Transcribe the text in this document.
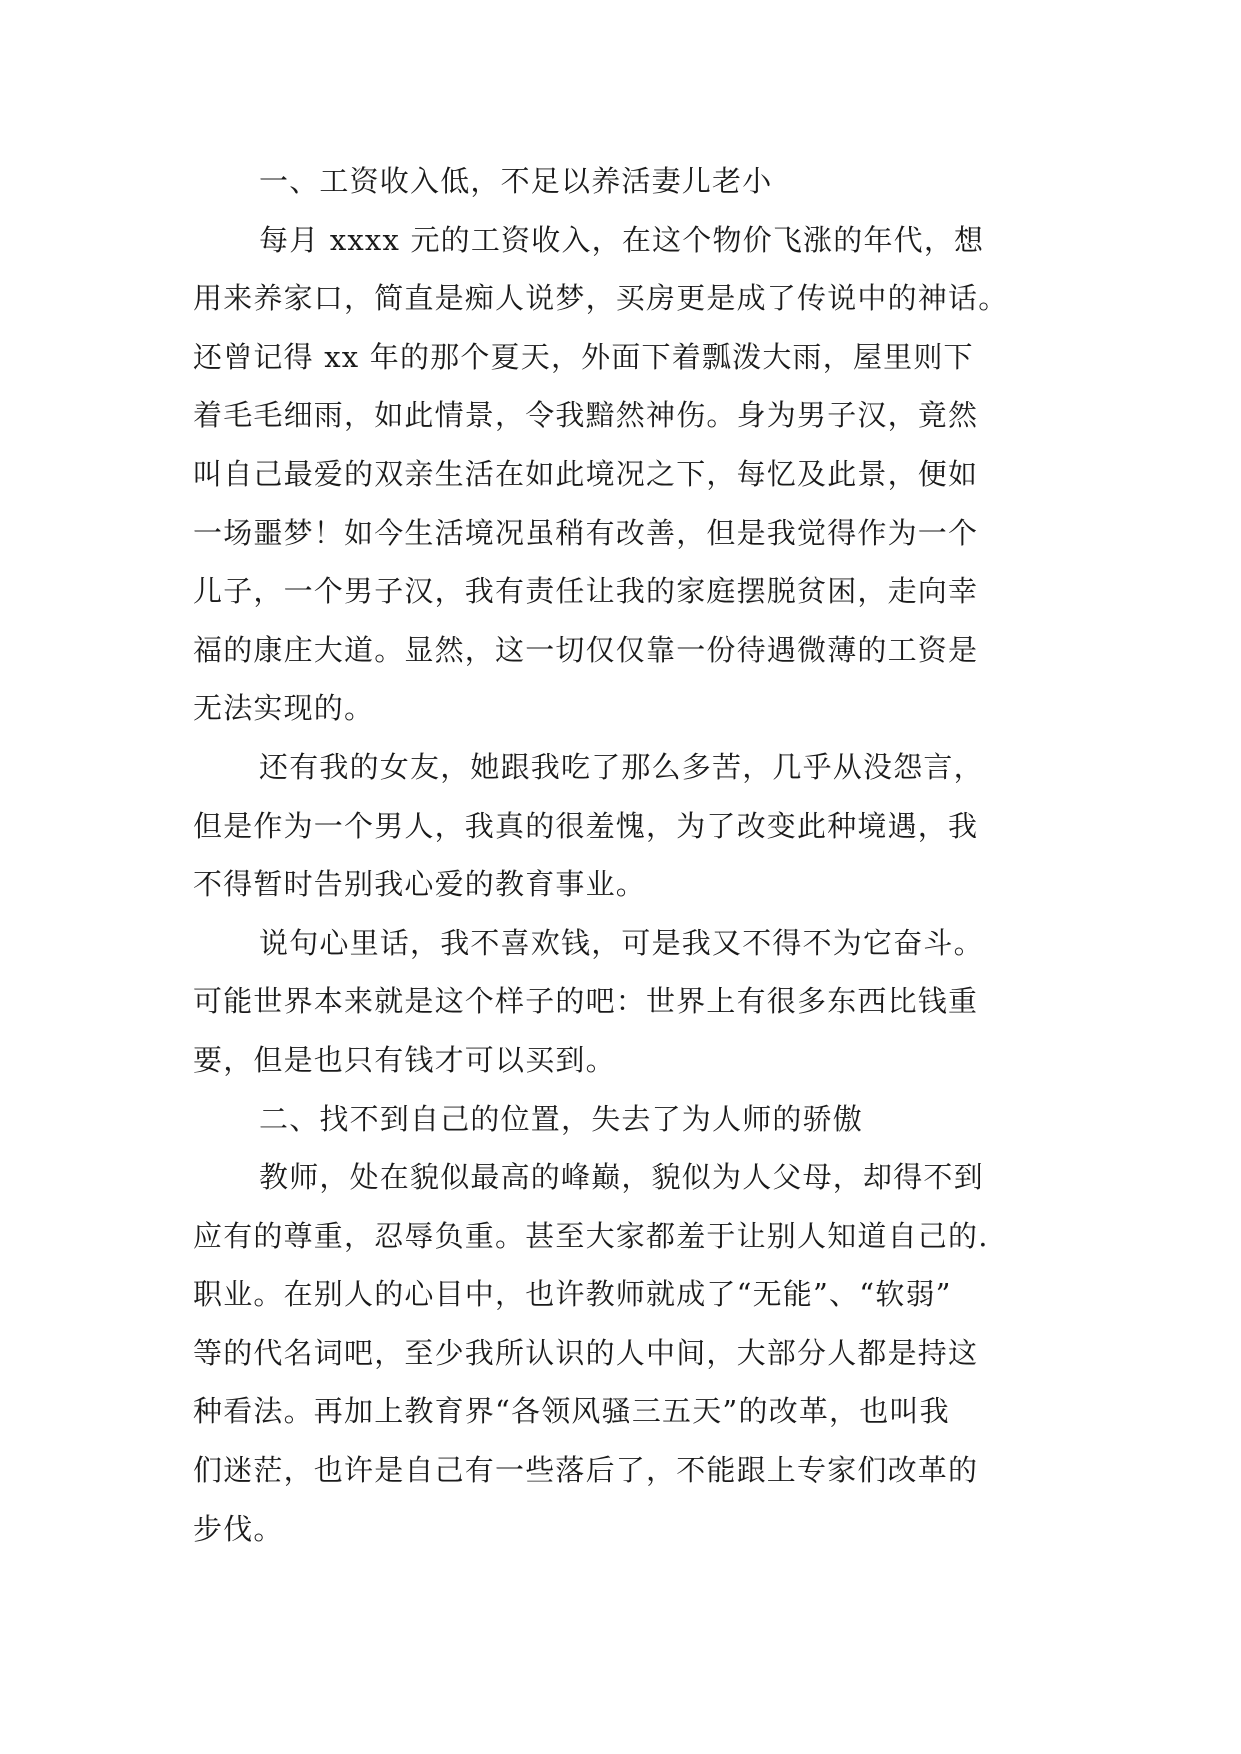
一、工资收入低，不足以养活妻儿老小
每月 xxxx 元的工资收入，在这个物价飞涨的年代，想
用来养家口，简直是痴人说梦，买房更是成了传说中的神话。
还曾记得 xx 年的那个夏天，外面下着瓢泼大雨，屋里则下
着毛毛细雨，如此情景，令我黯然神伤。身为男子汉，竟然
叫自己最爱的双亲生活在如此境况之下，每忆及此景，便如
一场噩梦！如今生活境况虽稍有改善，但是我觉得作为一个
儿子，一个男子汉，我有责任让我的家庭摆脱贫困，走向幸
福的康庄大道。显然，这一切仅仅靠一份待遇微薄的工资是
无法实现的。
还有我的女友，她跟我吃了那么多苦，几乎从没怨言，
但是作为一个男人，我真的很羞愧，为了改变此种境遇，我
不得暂时告别我心爱的教育事业。
说句心里话，我不喜欢钱，可是我又不得不为它奋斗。
可能世界本来就是这个样子的吧：世界上有很多东西比钱重
要，但是也只有钱才可以买到。
二、找不到自己的位置，失去了为人师的骄傲
教师，处在貌似最高的峰巅，貌似为人父母，却得不到
应有的尊重，忍辱负重。甚至大家都羞于让别人知道自己的.
职业。在别人的心目中，也许教师就成了“无能”、“软弱”
等的代名词吧，至少我所认识的人中间，大部分人都是持这
种看法。再加上教育界“各领风骚三五天”的改革，也叫我
们迷茫，也许是自己有一些落后了，不能跟上专家们改革的
步伐。
